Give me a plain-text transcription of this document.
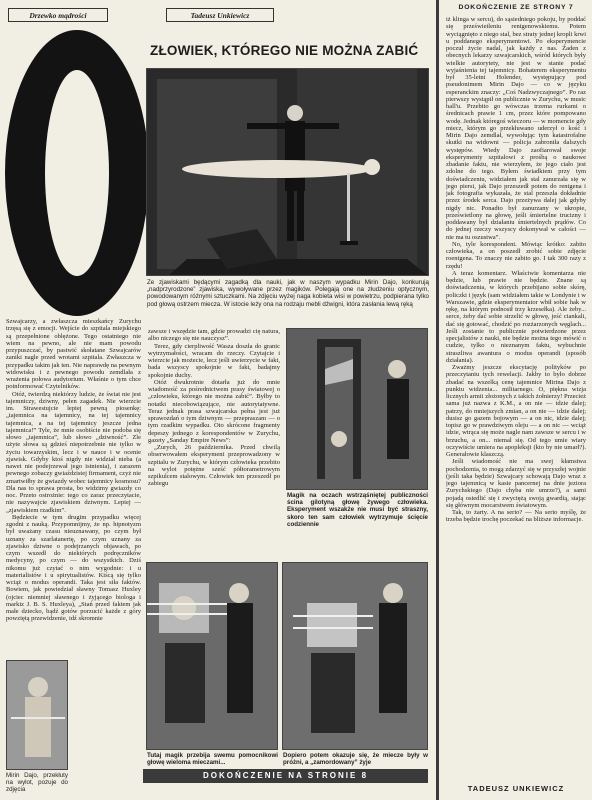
Drzewko mądrości	Tadeusz Unkiewicz
ZŁOWIEK, KTÓREGO NIE MOŻNA ZABIĆ

Ze zjawiskami będącymi zagadką dla nauki, jak w naszym wypadku Mirin Dajo, konkurują „nadprzyrodzone” zjawiska, wywoływane przez magików. Polegają one na złudzeniu optycznym, powodowanym różnymi sztuczkami. Na zdjęciu wyżej naga kobieta wisi w powietrzu, podpierana tylko pod głową ostrzem miecza. W istocie leży ona na rodzaju mebli dźwigni, która zasłania lewą ręką

Szwajcarzy, a zwłaszcza mieszkańcy Zurychu trzęsą się z emocji. Wejście do szpitala miejskiego są przepełnione oblężone. Tego ostatniego nie wiem na pewno, ale nie mam powodu przypuszczać, by pastwić skołatane Szwajcarów zaniki nagle przed wrotami szpitala. Zwłaszcza w przypadku takim jak ten. Nie naprawdę na pewnym widowisku i z pewnego powodu zemdlała z wrażenia połowa audytorium. Właśnie o tym chce poinformować Czytelników.

Otóż, twierdzą niektórzy ludzie, że świat nie jest tajemniczy, dziwny, pełen zagadek. Nie wierzcie im. Strawestujcie lepiej pewną piosenkę: „tajemnica na tajemnicy, na tej tajemnicy tajemnica, a na tej tajemnicy jeszcze jedna tajemnica!” Tyle, że mnie osobiście nie podoba się słowo „tajemnica”, lub słowo „dziwność”. Zle użyte słowa są gdzieś niepotrzebnie nie tylko w życiu towarzyskim, lecz i w nauce i w ocenie zjawisk. Gdyby ktoś nigdy nie widział nieba (a nawet nie podejrzewał jego istnienia), i zarazem pewnego zobaczy gwiaździstej firmament, czyż nie zmartwiłby że gwiazdy wobec tajemnicy kosmosu? Dla nas to sprawa prosta, bo widzimy gwiazdy co noc. Przeto ostrożnie: tego co zaraz przeczytacie, nie nazywajcie zjawiskiem dziwnym. Lepiej — „zjawiskiem rzadkim”.

Będziecie w tym drugim przypadku więcej zgodni z nauką. Przypomnijmy, że np. hipnotyzm był uważany czasu nieuznawany, po czym był uznany za szarlatanerię, po czym uznany za zjawisko dziwne o podejrzanych objawach, po czym wszedł do niektórych podręczników medycyny, po czym — do wszystkich. Dziś nikomu już czytać o nim wygodnie: i u materialistów i u spirytualistów. Kiścą się tylko wciąż o modus operandi. Taka jest siła faktów. Bowiem, jak powiedział sławny Tomasz Huxley (ojciec niemniej sławnego i żyjącego biologa i markiz J. B. S. Huxleya), „Stań przed faktem jak małe dziecko, bądź gotów porzucić każde z góry powziętą przewidzenie, idź skromnie

Mirin Dajo, przekłuty na wylot, pozuje do zdjęcia

zawsze i wszędzie tam, gdzie prowadzi cię natura, albo niczego się nie nauczysz”.

Terez, gdy cierpliwość Wasza doszła do granic wytrzymałości, wracam do rzeczy. Czytajcie i wierzcie jak możecie, lecz jeśli uwierzycie w fakt, bada wszyscy spokojnie w fakt, badajmy spokojnie duchy.

Otóż dwukrotnie dotarła już do mnie wiadomość za pośrednictwem prasy światowej o „człowieku, którego nie można zabić”. Byłby to notatki niecobowiązujące, nie autorytatywne. Teraz jednak prasa szwajcarska pełna jest już sprawozdań o tym dziwnym — przepraszam — o tym rzadkim wypadku. Oto skrócone fragmenty depeszy jednego z korespondentów w Zurychu, gazety „Sanday Empire News”:

„Zurych, 26 października. Przed chwilą obserwowałem eksperyment przeprowadzony w szpitalu w Zurychu, w którym człowieka przebito na wylot potężne sześć półtorametrowym szpikulcem stalowym. Człowiek ten przeszedł po zabiegu

Magik na oczach wstrząśniętej publiczności ścina gilotyną głowę żywego człowieka. Eksperyment wszakże nie musi być straszny, skoro ten sam człowiek wytrzymuje ścięcie codziennie

Tutaj magik przebija swemu pomocnikowi głowę wieloma mieczami...

Dopiero potem okazuje się, że miecze były w próżni, a „zamordowany” żyje

DOKOŃCZENIE NA STRONIE 8
DOKOŃCZENIE ZE STRONY 7

iż klinga w sercu), do sąsiedniego pokoju, by poddać się prześwietleniu rentgenowskiemu. Potem wyciągnięto z niego stal, bez straty jednej kropli krwi u poddanego eksperymentowi. Po eksperymencie poczuł życie nadal, jak każdy z nas. Żaden z obecnych lekarzy szwajcarskich, wśród których były wielkie autorytety, nie jest w stanie podać wyjaśnienia tej tajemnicy. Bohaterem eksperymentu był 35-letni Holender, występujący pod pseudonimem Mirin Dajo — co w języku esperanckim znaczy: „Coś Nadzwyczajnego”. Po raz pierwszy wystąpił on publicznie w Zurychu, w music hall'u. Przebito go wówczas trzema rurkami o średnicach prawie 1 cm, przez które pompowano wodę. Jednak któregoś wieczoru — w momencie gdy miecz, którym go przekłuwano uderzył o kość i Mirin Dajo zemdlał, wywołując tym katastrofalne skutki na widowni — policja zabroniła dalszych występów. Wiedy Dajo zaofiarował swoje eksperymenty szpitalowi z prośbą o naukowe zbadanie faktu, nie wierzyłem, że jego ciało jest zdolne do tego. Byłem świadkiem przy tym doświadczeniu, widziałem jak stal zanurzała się w jego piersi, jak Dajo przeszedł potem do rentgena i jak fotografia wykazała, że stal przeszła dokładnie przez środek serca. Dajo przeżywa dalej jak gdyby nigdy nic. Ponadto był zanurzany w ukropie, prześwietlony na głowę, jeśli śmiertelne trucizny i poddawany był działaniu śmiertelnych prądów. Co do jednej rzeczy wszyscy dokonywał w całości — nie ma tu oszustwa”.

No, tyle korespondent. Mówiąc krótko: zabito człowieka, a on poszedł zrobić sobie zdjęcie roentgena. To znaczy nie zabito go. I tak 300 razy z rzędu!

A teraz komentarz. Właściwie komentarza nie będzie, lub prawie nie będzie. Znane są doświadczenia, w których przebijano sobie skórę, policzki i język (sam widziałem takie w Londynie i w Warszawie, gdzie eksperymentator wbił sobie hak w rękę, na którym podnosił trzy krzesełka). Ale żeby... serce, żeby dać sobie strzelić w głowę, jeść ciankali, dać się gotować, chodzić po rozżarzonych węglach... Jeśli zostanie to publicznie potwierdzone przez specjalistów z nauki, nie będzie można tego mówić o cudzie, tylko o nieznanym faktu, wybuchnie straszliwa awantura o modus operandi (sposób działania).

Zważmy jeszcze ekscytację polityków po przeczytaniu tych rewelacji. Jakby to było dobrze zbadać na wszelką cenę tajemnice Mirina Dajo z punktu widzenia... militarnego. O, piękna wizja licznych armii złożonych z takich żołnierzy! Przecież sama już nazwa z K.M., a on nie — idzie dalej; patrzy, do mniejszych zmian, a on nie — idzie dalej; dusisz go gazem bojowym — a on nic, idzie dalej; topisz go w prawdziwym oleju — a on nic — wciąż idzie, wtrąca się może nagle nam zawsze w sercu i w brzuchu, a on... niemal się. Od tego umie wiary oczywiście umiera na apopleksji (kto by nie umarł?). Generałowie klaszczą.

Jeśli wiadomość nie ma swej kłamstwa pochodzenia, to mogą zdarzyć się w przyszłej wojnie (jeśli taka będzie) Szwajcary schowają Dajo wraz z jego tajemnicą w kasie pancernej na dnie jeziora Zurychskiego (Dajo chyba nie umrze?), a sami pojadą osiedlić się i zwyciężą swoją gwardią, stając się głównym mocarstwem światowym.

Tak, to żarty. A na serio? — Na serio myślę, że trzeba będzie trochę poczekać na bliższe informacje.

TADEUSZ UNKIEWICZ
